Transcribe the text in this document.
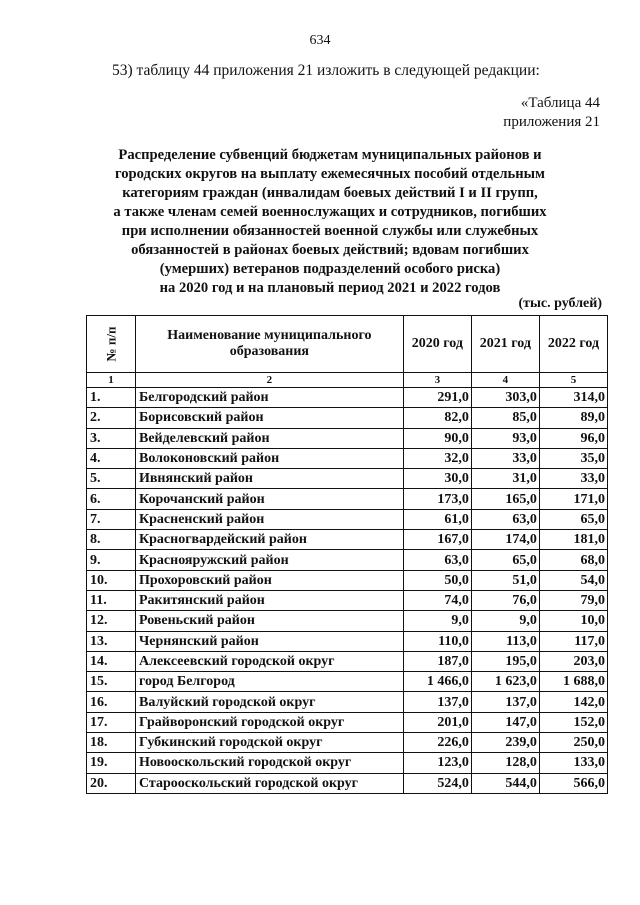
634
53) таблицу 44 приложения 21 изложить в следующей редакции:
«Таблица 44
приложения 21
Распределение субвенций бюджетам муниципальных районов и
городских округов на выплату ежемесячных пособий отдельным
категориям граждан (инвалидам боевых действий I и II групп,
а также членам семей военнослужащих и сотрудников, погибших
при исполнении обязанностей военной службы или служебных
обязанностей в районах боевых действий; вдовам погибших
(умерших) ветеранов подразделений особого риска)
на 2020 год и на плановый период 2021 и 2022 годов
(тыс. рублей)
№ п/п	Наименование муниципального образования	2020 год	2021 год	2022 год
1	2	3	4	5
1.	Белгородский район	291,0	303,0	314,0
2.	Борисовский район	82,0	85,0	89,0
3.	Вейделевский район	90,0	93,0	96,0
4.	Волоконовский район	32,0	33,0	35,0
5.	Ивнянский район	30,0	31,0	33,0
6.	Корочанский район	173,0	165,0	171,0
7.	Красненский район	61,0	63,0	65,0
8.	Красногвардейский район	167,0	174,0	181,0
9.	Краснояружский район	63,0	65,0	68,0
10.	Прохоровский район	50,0	51,0	54,0
11.	Ракитянский район	74,0	76,0	79,0
12.	Ровеньский район	9,0	9,0	10,0
13.	Чернянский район	110,0	113,0	117,0
14.	Алексеевский городской округ	187,0	195,0	203,0
15.	город Белгород	1 466,0	1 623,0	1 688,0
16.	Валуйский городской округ	137,0	137,0	142,0
17.	Грайворонский городской округ	201,0	147,0	152,0
18.	Губкинский городской округ	226,0	239,0	250,0
19.	Новооскольский городской округ	123,0	128,0	133,0
20.	Старооскольский городской округ	524,0	544,0	566,0
